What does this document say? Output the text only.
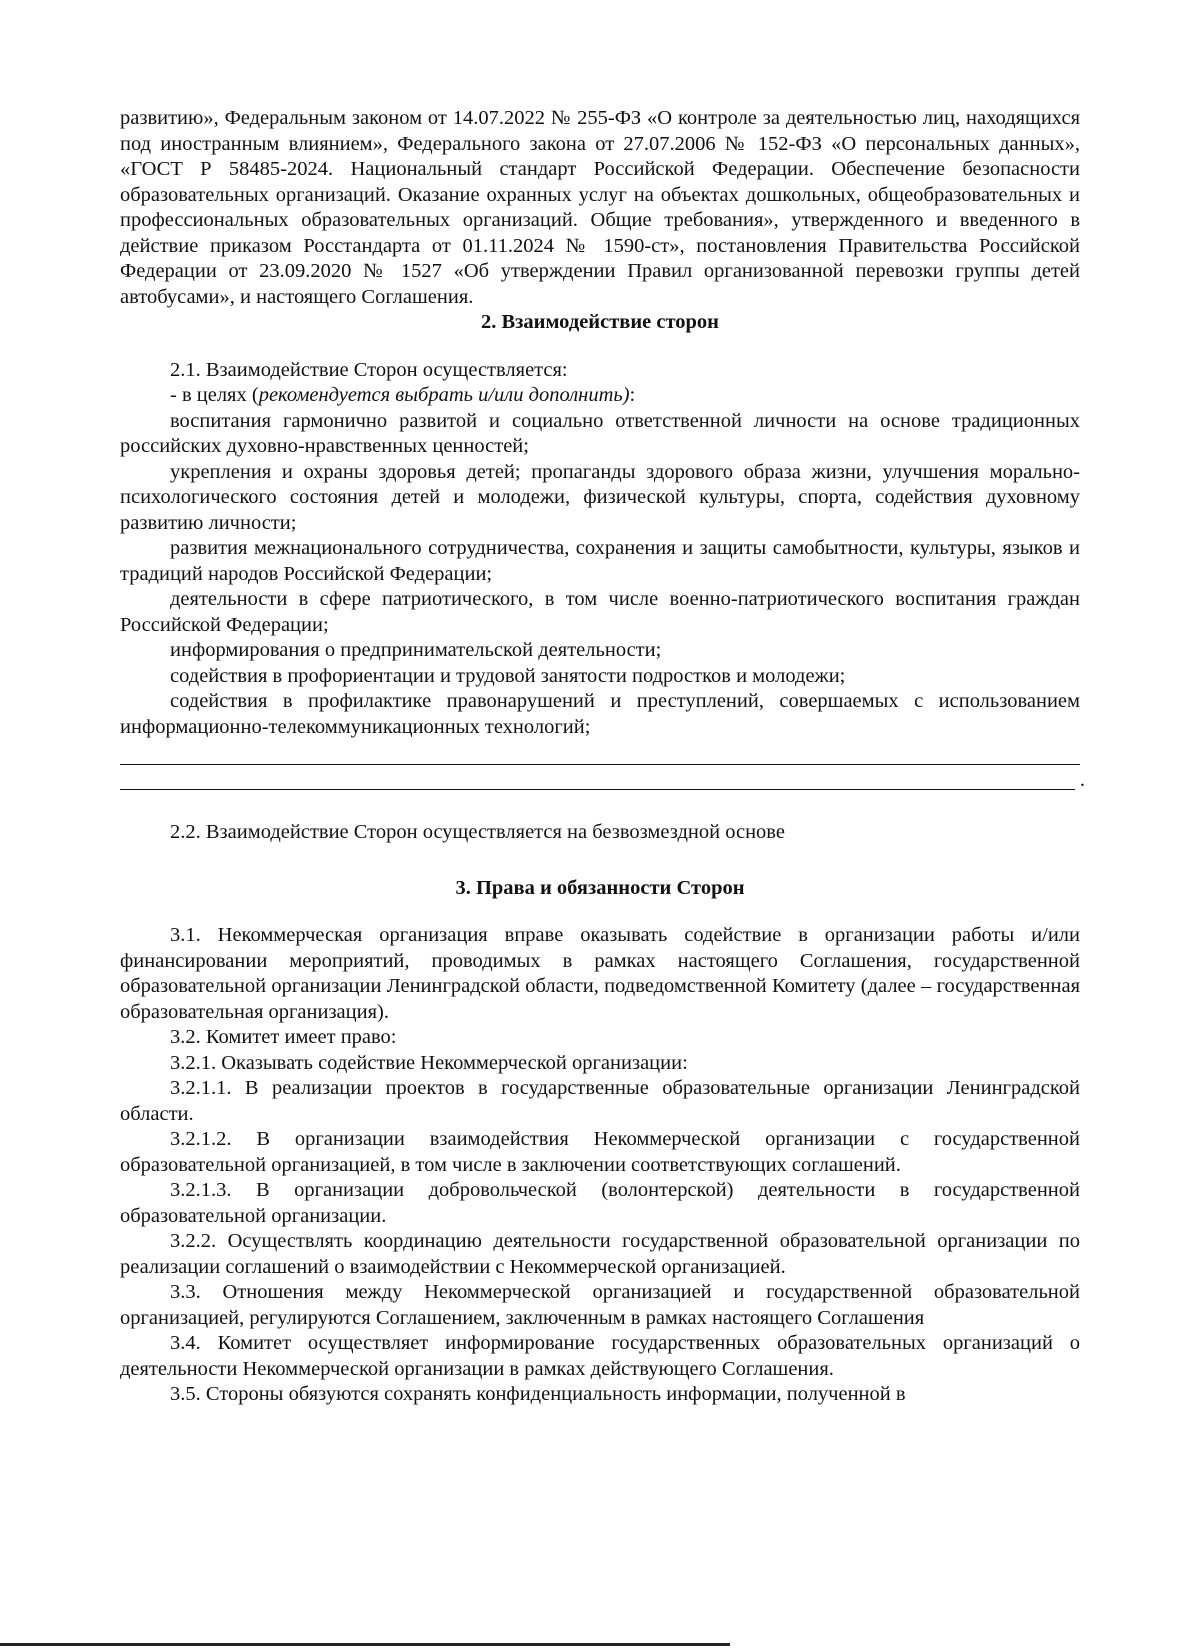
развитию», Федеральным законом от 14.07.2022 № 255-ФЗ «О контроле за деятельностью лиц, находящихся под иностранным влиянием», Федерального закона от 27.07.2006 № 152-ФЗ «О персональных данных», «ГОСТ Р 58485-2024. Национальный стандарт Российской Федерации. Обеспечение безопасности образовательных организаций. Оказание охранных услуг на объектах дошкольных, общеобразовательных и профессиональных образовательных организаций. Общие требования», утвержденного и введенного в действие приказом Росстандарта от 01.11.2024 № 1590-ст», постановления Правительства Российской Федерации от 23.09.2020 № 1527 «Об утверждении Правил организованной перевозки группы детей автобусами», и настоящего Соглашения.

2. Взаимодействие сторон

2.1. Взаимодействие Сторон осуществляется:

- в целях (рекомендуется выбрать и/или дополнить):

воспитания гармонично развитой и социально ответственной личности на основе традиционных российских духовно-нравственных ценностей;

укрепления и охраны здоровья детей; пропаганды здорового образа жизни, улучшения морально-психологического состояния детей и молодежи, физической культуры, спорта, содействия духовному развитию личности;

развития межнационального сотрудничества, сохранения и защиты самобытности, культуры, языков и традиций народов Российской Федерации;

деятельности в сфере патриотического, в том числе военно-патриотического воспитания граждан Российской Федерации;

информирования о предпринимательской деятельности;

содействия в профориентации и трудовой занятости подростков и молодежи;

содействия в профилактике правонарушений и преступлений, совершаемых с использованием информационно-телекоммуникационных технологий;

.

2.2. Взаимодействие Сторон осуществляется на безвозмездной основе

3. Права и обязанности Сторон

3.1. Некоммерческая организация вправе оказывать содействие в организации работы и/или финансировании мероприятий, проводимых в рамках настоящего Соглашения, государственной образовательной организации Ленинградской области, подведомственной Комитету (далее – государственная образовательная организация).

3.2. Комитет имеет право:

3.2.1. Оказывать содействие Некоммерческой организации:

3.2.1.1. В реализации проектов в государственные образовательные организации Ленинградской области.

3.2.1.2. В организации взаимодействия Некоммерческой организации с государственной образовательной организацией, в том числе в заключении соответствующих соглашений.

3.2.1.3. В организации добровольческой (волонтерской) деятельности в государственной образовательной организации.

3.2.2. Осуществлять координацию деятельности государственной образовательной организации по реализации соглашений о взаимодействии с Некоммерческой организацией.

3.3. Отношения между Некоммерческой организацией и государственной образовательной организацией, регулируются Соглашением, заключенным в рамках настоящего Соглашения

3.4. Комитет осуществляет информирование государственных образовательных организаций о деятельности Некоммерческой организации в рамках действующего Соглашения.

3.5. Стороны обязуются сохранять конфиденциальность информации, полученной в
